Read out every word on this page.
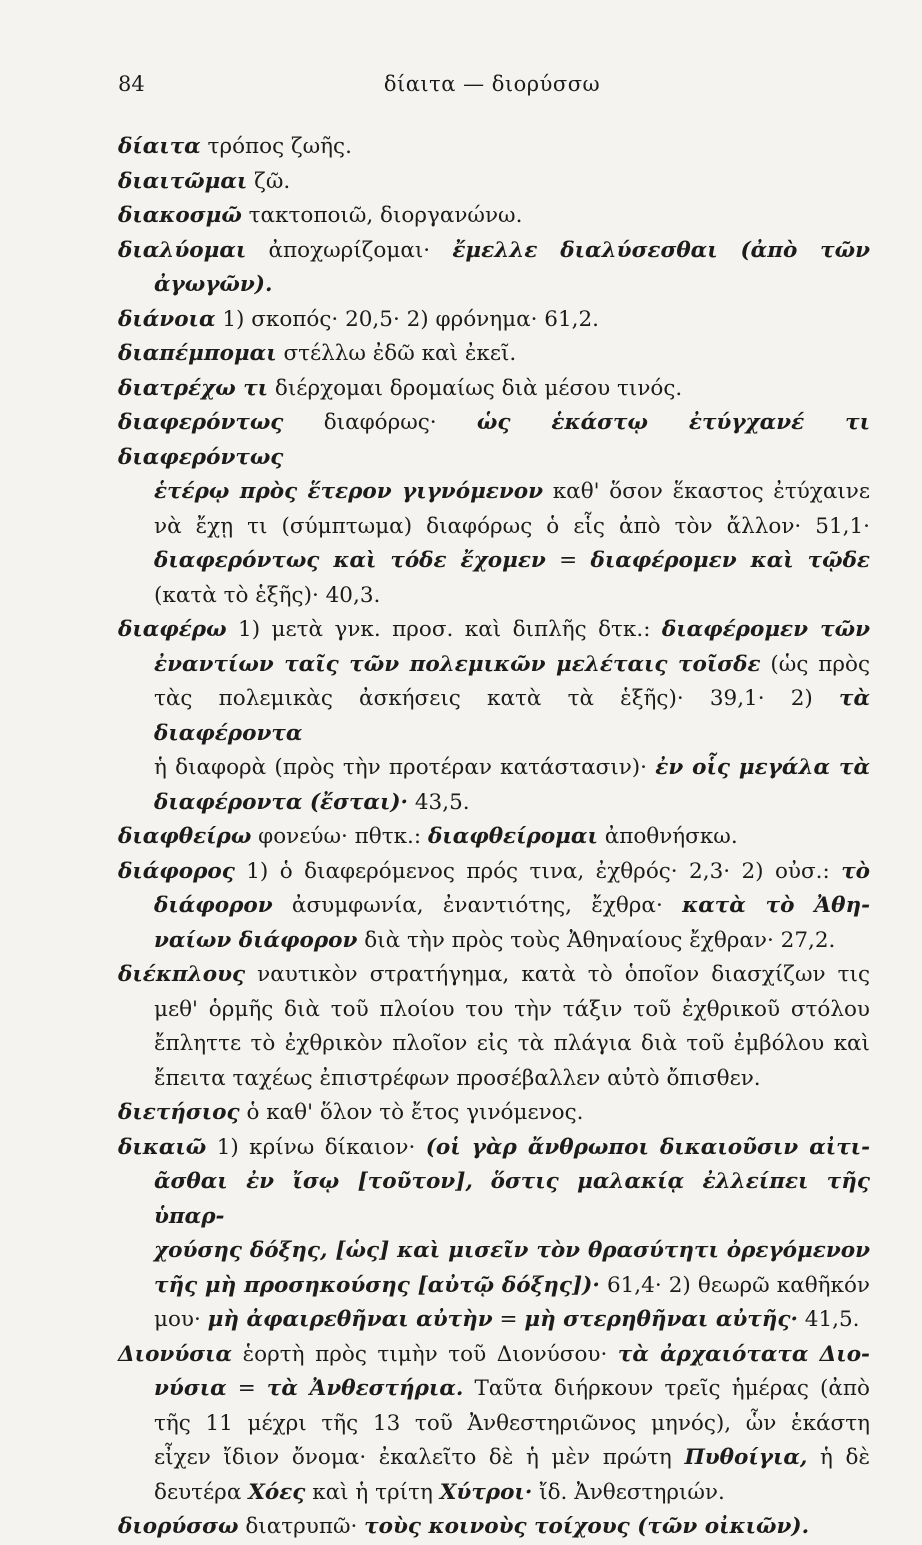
84	δίαιτα — διορύσσω
δίαιτα τρόπος ζωῆς.
διαιτῶμαι ζῶ.
διακοσμῶ τακτοποιῶ, διοργανώνω.
διαλύομαι ἀποχωρίζομαι· ἔμελλε διαλύσεσθαι (ἀπὸ τῶν
ἀγωγῶν).
διάνοια 1) σκοπός· 20,5· 2) φρόνημα· 61,2.
διαπέμπομαι στέλλω ἐδῶ καὶ ἐκεῖ.
διατρέχω τι διέρχομαι δρομαίως διὰ μέσου τινός.
διαφερόντως διαφόρως· ὡς ἑκάστῳ ἐτύγχανέ τι διαφερόντως
ἑτέρῳ πρὸς ἕτερον γιγνόμενον καθ' ὅσον ἕκαστος ἐτύχαινε
νὰ ἔχῃ τι (σύμπτωμα) διαφόρως ὁ εἷς ἀπὸ τὸν ἄλλον· 51,1·
διαφερόντως καὶ τόδε ἔχομεν = διαφέρομεν καὶ τῷδε
(κατὰ τὸ ἑξῆς)· 40,3.
διαφέρω 1) μετὰ γνκ. προσ. καὶ διπλῆς δτκ.: διαφέρομεν τῶν
ἐναντίων ταῖς τῶν πολεμικῶν μελέταις τοῖσδε (ὡς πρὸς
τὰς πολεμικὰς ἀσκήσεις κατὰ τὰ ἑξῆς)· 39,1· 2) τὰ διαφέροντα
ἡ διαφορὰ (πρὸς τὴν προτέραν κατάστασιν)· ἐν οἷς μεγάλα τὰ
διαφέροντα (ἔσται)· 43,5.
διαφθείρω φονεύω· πθτκ.: διαφθείρομαι ἀποθνήσκω.
διάφορος 1) ὁ διαφερόμενος πρός τινα, ἐχθρός· 2,3· 2) οὐσ.: τὸ
διάφορον ἀσυμφωνία, ἐναντιότης, ἔχθρα· κατὰ τὸ Ἀθη-
ναίων διάφορον διὰ τὴν πρὸς τοὺς Ἀθηναίους ἔχθραν· 27,2.
διέκπλους ναυτικὸν στρατήγημα, κατὰ τὸ ὁποῖον διασχίζων τις
μεθ' ὁρμῆς διὰ τοῦ πλοίου του τὴν τάξιν τοῦ ἐχθρικοῦ στόλου
ἔπληττε τὸ ἐχθρικὸν πλοῖον εἰς τὰ πλάγια διὰ τοῦ ἐμβόλου καὶ
ἔπειτα ταχέως ἐπιστρέφων προσέβαλλεν αὐτὸ ὄπισθεν.
διετήσιος ὁ καθ' ὅλον τὸ ἔτος γινόμενος.
δικαιῶ 1) κρίνω δίκαιον· (οἱ γὰρ ἄνθρωποι δικαιοῦσιν αἰτι-
ᾶσθαι ἐν ἴσῳ [τοῦτον], ὅστις μαλακίᾳ ἐλλείπει τῆς ὑπαρ-
χούσης δόξης, [ὡς] καὶ μισεῖν τὸν θρασύτητι ὀρεγόμενον
τῆς μὴ προσηκούσης [αὐτῷ δόξης])· 61,4· 2) θεωρῶ καθῆκόν
μου· μὴ ἀφαιρεθῆναι αὐτὴν = μὴ στερηθῆναι αὐτῆς· 41,5.
Διονύσια ἑορτὴ πρὸς τιμὴν τοῦ Διονύσου· τὰ ἀρχαιότατα Διο-
νύσια = τὰ Ἀνθεστήρια. Ταῦτα διήρκουν τρεῖς ἡμέρας (ἀπὸ
τῆς 11 μέχρι τῆς 13 τοῦ Ἀνθεστηριῶνος μηνός), ὧν ἑκάστη
εἶχεν ἴδιον ὄνομα· ἐκαλεῖτο δὲ ἡ μὲν πρώτη Πυθοίγια, ἡ δὲ
δευτέρα Χόες καὶ ἡ τρίτη Χύτροι· ἴδ. Ἀνθεστηριών.
διορύσσω διατρυπῶ· τοὺς κοινοὺς τοίχους (τῶν οἰκιῶν).
